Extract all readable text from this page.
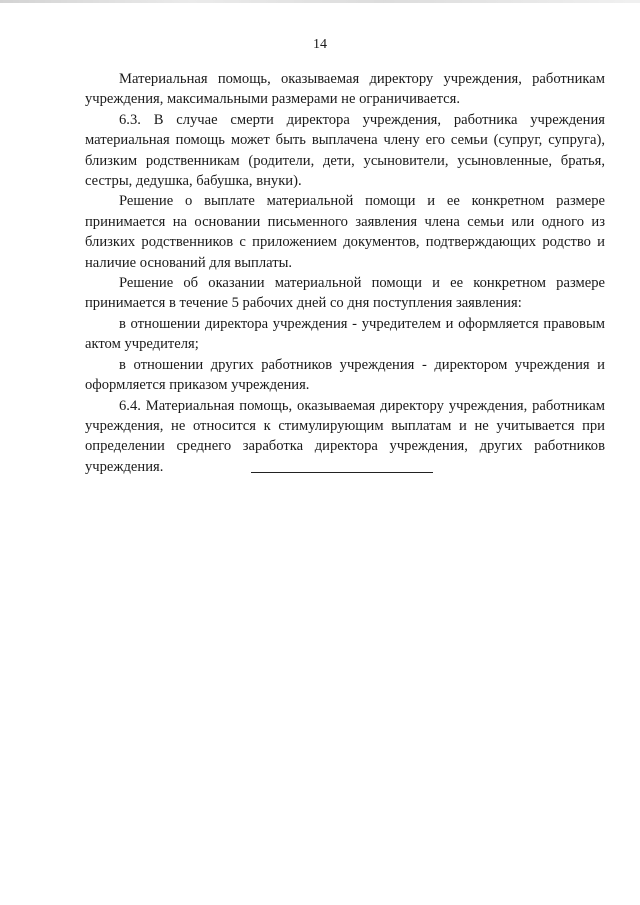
14

Материальная помощь, оказываемая директору учреждения, работникам учреждения, максимальными размерами не ограничивается.

6.3. В случае смерти директора учреждения, работника учреждения материальная помощь может быть выплачена члену его семьи (супруг, супруга), близким родственникам (родители, дети, усыновители, усыновленные, братья, сестры, дедушка, бабушка, внуки).

Решение о выплате материальной помощи и ее конкретном размере принимается на основании письменного заявления члена семьи или одного из близких родственников с приложением документов, подтверждающих родство и наличие оснований для выплаты.

Решение об оказании материальной помощи и ее конкретном размере принимается в течение 5 рабочих дней со дня поступления заявления:

в отношении директора учреждения - учредителем и оформляется правовым актом учредителя;

в отношении других работников учреждения - директором учреждения и оформляется приказом учреждения.

6.4. Материальная помощь, оказываемая директору учреждения, работникам учреждения, не относится к стимулирующим выплатам и не учитывается при определении среднего заработка директора учреждения, других работников учреждения.
